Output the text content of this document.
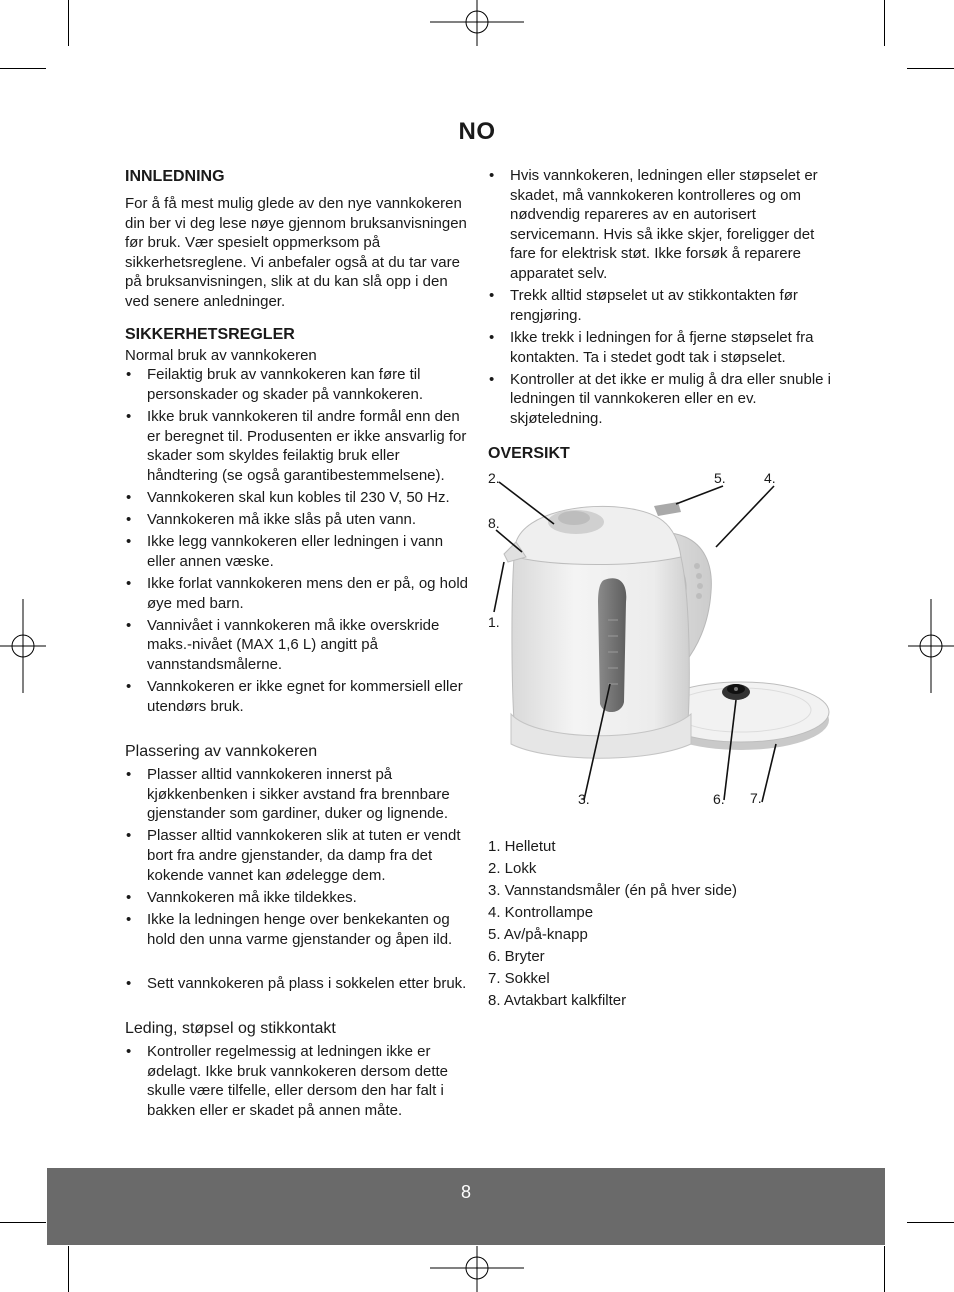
NO
INNLEDNING

For å få mest mulig glede av den nye vannkokeren din ber vi deg lese nøye gjennom bruksanvisningen før bruk. Vær spesielt oppmerksom på sikkerhetsreglene. Vi anbefaler også at du tar vare på bruksanvisningen, slik at du kan slå opp i den ved senere anledninger.

SIKKERHETSREGLER

Normal bruk av vannkokeren

• Feilaktig bruk av vannkokeren kan føre til personskader og skader på vannkokeren.
• Ikke bruk vannkokeren til andre formål enn den er beregnet til. Produsenten er ikke ansvarlig for skader som skyldes feilaktig bruk eller håndtering (se også garantibestemmelsene).
• Vannkokeren skal kun kobles til 230 V, 50 Hz.
• Vannkokeren må ikke slås på uten vann.
• Ikke legg vannkokeren eller ledningen i vann eller annen væske.
• Ikke forlat vannkokeren mens den er på, og hold øye med barn.
• Vannivået i vannkokeren må ikke overskride maks.-nivået (MAX 1,6 L) angitt på vannstandsmålerne.
• Vannkokeren er ikke egnet for kommersiell eller utendørs bruk.
Plassering av vannkokeren
• Plasser alltid vannkokeren innerst på kjøkkenbenken i sikker avstand fra brennbare gjenstander som gardiner, duker og lignende.
• Plasser alltid vannkokeren slik at tuten er vendt bort fra andre gjenstander, da damp fra det kokende vannet kan ødelegge dem.
• Vannkokeren må ikke tildekkes.
• Ikke la ledningen henge over benkekanten og hold den unna varme gjenstander og åpen ild.
• Sett vannkokeren på plass i sokkelen etter bruk.
Leding, støpsel og stikkontakt
• Kontroller regelmessig at ledningen ikke er ødelagt. Ikke bruk vannkokeren dersom dette skulle være tilfelle, eller dersom den har falt i bakken eller er skadet på annen måte.
• Hvis vannkokeren, ledningen eller støpselet er skadet, må vannkokeren kontrolleres og om nødvendig repareres av en autorisert servicemann. Hvis så ikke skjer, foreligger det fare for elektrisk støt. Ikke forsøk å reparere apparatet selv.
• Trekk alltid støpselet ut av stikkontakten før rengjøring.
• Ikke trekk i ledningen for å fjerne støpselet fra kontakten. Ta i stedet godt tak i støpselet.
• Kontroller at det ikke er mulig å dra eller snuble i ledningen til vannkokeren eller en ev. skjøteledning.
OVERSIKT
2.
8.
1.
3.	6. 7.
5.	4.
1. Helletut
2. Lokk
3. Vannstandsmåler (én på hver side)
4. Kontrollampe
5. Av/på-knapp
6. Bryter
7. Sokkel
8. Avtakbart kalkfilter
8
